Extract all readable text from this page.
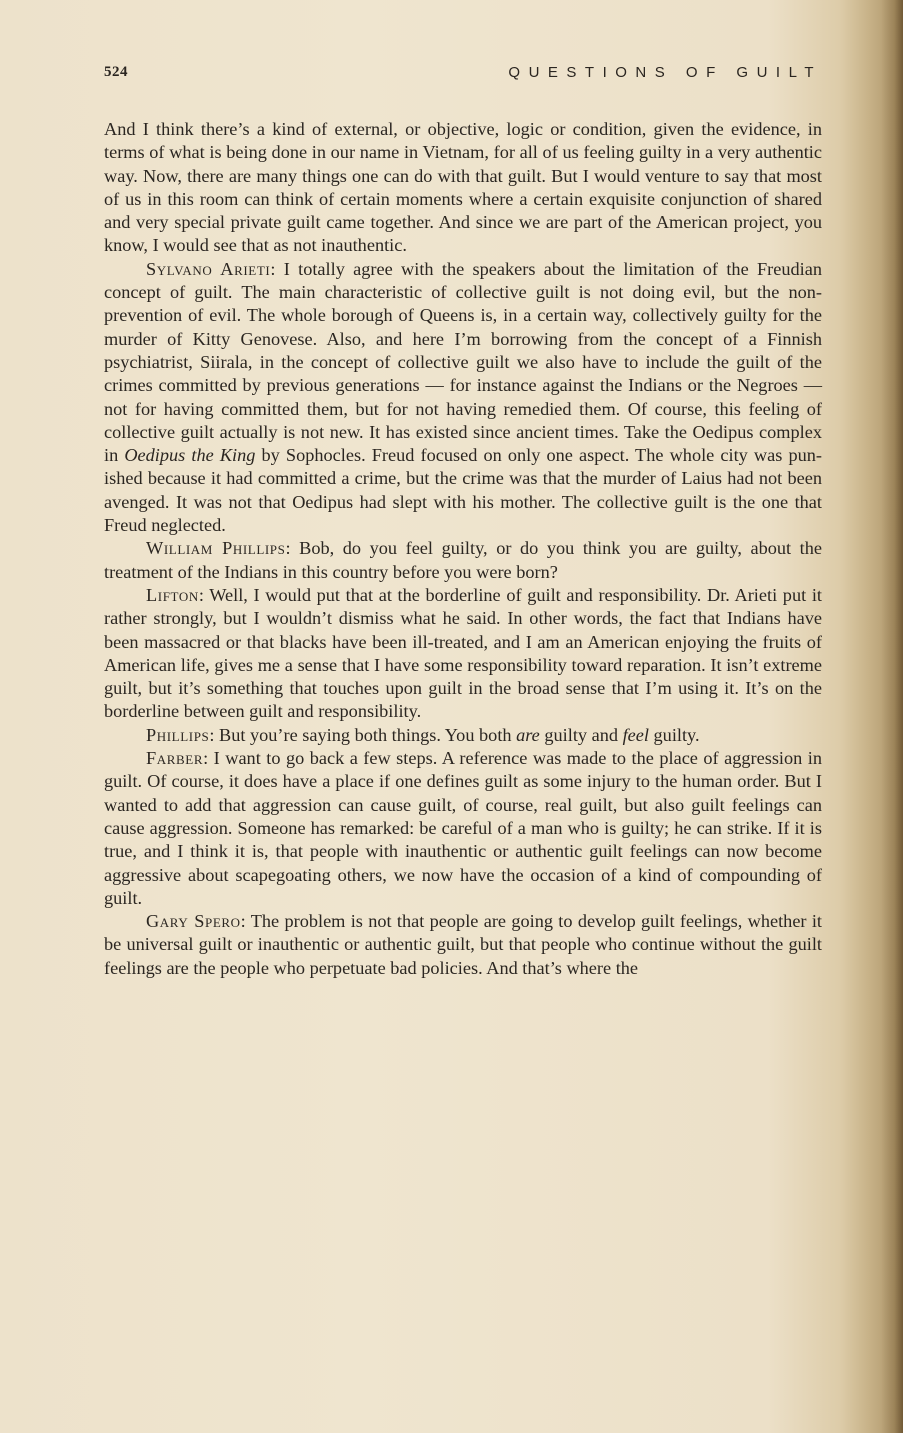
524	QUESTIONS OF GUILT

And I think there’s a kind of external, or objective, logic or condition, given the evidence, in terms of what is being done in our name in Vietnam, for all of us feeling guilty in a very authentic way. Now, there are many things one can do with that guilt. But I would venture to say that most of us in this room can think of certain moments where a certain exquisite conjunction of shared and very special private guilt came together. And since we are part of the American project, you know, I would see that as not inauthentic.

Sylvano Arieti: I totally agree with the speakers about the limitation of the Freudian concept of guilt. The main characteristic of collective guilt is not doing evil, but the non-prevention of evil. The whole borough of Queens is, in a certain way, collectively guilty for the murder of Kitty Genovese. Also, and here I’m borrowing from the concept of a Finnish psychiatrist, Siirala, in the concept of collective guilt we also have to include the guilt of the crimes committed by previous generations — for instance against the Indians or the Negroes — not for having committed them, but for not having remedied them. Of course, this feeling of collective guilt actually is not new. It has existed since ancient times. Take the Oedipus complex in Oedipus the King by Sophocles. Freud focused on only one aspect. The whole city was punished because it had committed a crime, but the crime was that the murder of Laius had not been avenged. It was not that Oedipus had slept with his mother. The collective guilt is the one that Freud neglected.

William Phillips: Bob, do you feel guilty, or do you think you are guilty, about the treatment of the Indians in this country before you were born?

Lifton: Well, I would put that at the borderline of guilt and responsibility. Dr. Arieti put it rather strongly, but I wouldn’t dismiss what he said. In other words, the fact that Indians have been massacred or that blacks have been ill-treated, and I am an American enjoying the fruits of American life, gives me a sense that I have some responsibility toward reparation. It isn’t extreme guilt, but it’s something that touches upon guilt in the broad sense that I’m using it. It’s on the borderline between guilt and responsibility.

Phillips: But you’re saying both things. You both are guilty and feel guilty.

Farber: I want to go back a few steps. A reference was made to the place of aggression in guilt. Of course, it does have a place if one defines guilt as some injury to the human order. But I wanted to add that aggression can cause guilt, of course, real guilt, but also guilt feelings can cause aggression. Someone has remarked: be careful of a man who is guilty; he can strike. If it is true, and I think it is, that people with inauthentic or authentic guilt feelings can now become aggressive about scapegoating others, we now have the occasion of a kind of compounding of guilt.

Gary Spero: The problem is not that people are going to develop guilt feelings, whether it be universal guilt or inauthentic or authentic guilt, but that people who continue without the guilt feelings are the people who perpetuate bad policies. And that’s where the
